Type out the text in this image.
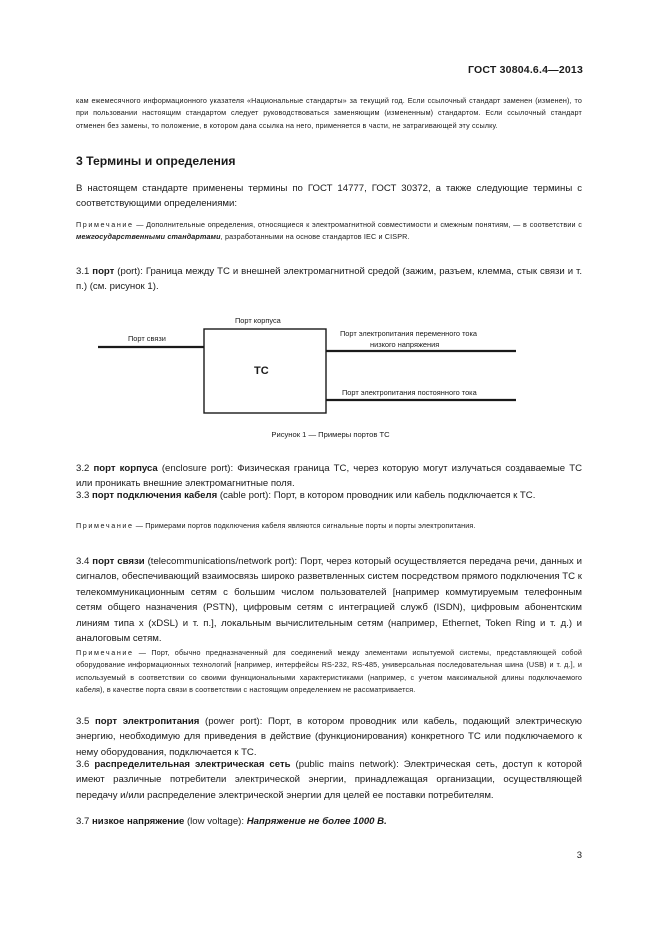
ГОСТ 30804.6.4—2013

кам ежемесячного информационного указателя «Национальные стандарты» за текущий год. Если ссылочный стандарт заменен (изменен), то при пользовании настоящим стандартом следует руководствоваться заменяющим (измененным) стандартом. Если ссылочный стандарт отменен без замены, то положение, в котором дана ссылка на него, применяется в части, не затрагивающей эту ссылку.

3 Термины и определения

В настоящем стандарте применены термины по ГОСТ 14777, ГОСТ 30372, а также следующие термины с соответствующими определениями:

Примечание — Дополнительные определения, относящиеся к электромагнитной совместимости и смежным понятиям, — в соответствии с межгосударственными стандартами, разработанными на основе стандартов IEC и CISPR.

3.1 порт (port): Граница между ТС и внешней электромагнитной средой (зажим, разъем, клемма, стык связи и т. п.) (см. рисунок 1).

Порт корпуса
Порт связи
Порт электропитания переменного тока
низкого напряжения
Порт электропитания постоянного тока
ТС
Рисунок 1 — Примеры портов ТС

3.2 порт корпуса (enclosure port): Физическая граница ТС, через которую могут излучаться создаваемые ТС или проникать внешние электромагнитные поля.

3.3 порт подключения кабеля (cable port): Порт, в котором проводник или кабель подключается к ТС.

Примечание — Примерами портов подключения кабеля являются сигнальные порты и порты электропитания.

3.4 порт связи (telecommunications/network port): Порт, через который осуществляется передача речи, данных и сигналов, обеспечивающий взаимосвязь широко разветвленных систем посредством прямого подключения ТС к телекоммуникационным сетям с большим числом пользователей [например коммутируемым телефонным сетям общего назначения (PSTN), цифровым сетям с интеграцией служб (ISDN), цифровым абонентским линиям типа x (xDSL) и т. п.], локальным вычислительным сетям (например, Ethernet, Token Ring и т. д.) и аналоговым сетям.

Примечание — Порт, обычно предназначенный для соединений между элементами испытуемой системы, представляющей собой оборудование информационных технологий [например, интерфейсы RS-232, RS-485, универсальная последовательная шина (USB) и т. д.], и используемый в соответствии со своими функциональными характеристиками (например, с учетом максимальной длины подключаемого кабеля), в качестве порта связи в соответствии с настоящим определением не рассматривается.

3.5 порт электропитания (power port): Порт, в котором проводник или кабель, подающий электрическую энергию, необходимую для приведения в действие (функционирования) конкретного ТС или подключаемого к нему оборудования, подключается к ТС.

3.6 распределительная электрическая сеть (public mains network): Электрическая сеть, доступ к которой имеют различные потребители электрической энергии, принадлежащая организации, осуществляющей передачу и/или распределение электрической энергии для целей ее поставки потребителям.

3.7 низкое напряжение (low voltage): Напряжение не более 1000 В.

3
